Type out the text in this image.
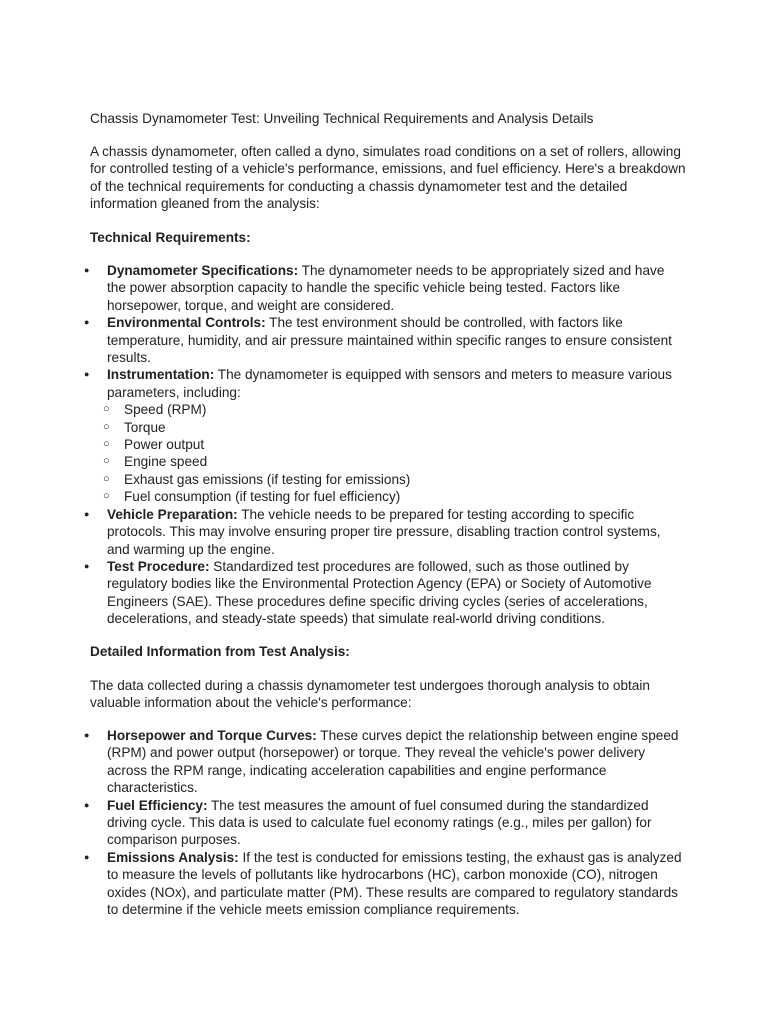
Chassis Dynamometer Test: Unveiling Technical Requirements and Analysis Details

A chassis dynamometer, often called a dyno, simulates road conditions on a set of rollers, allowing for controlled testing of a vehicle's performance, emissions, and fuel efficiency. Here's a breakdown of the technical requirements for conducting a chassis dynamometer test and the detailed information gleaned from the analysis:

Technical Requirements:

● Dynamometer Specifications: The dynamometer needs to be appropriately sized and have the power absorption capacity to handle the specific vehicle being tested. Factors like horsepower, torque, and weight are considered.
● Environmental Controls: The test environment should be controlled, with factors like temperature, humidity, and air pressure maintained within specific ranges to ensure consistent results.
● Instrumentation: The dynamometer is equipped with sensors and meters to measure various parameters, including:
○ Speed (RPM)
○ Torque
○ Power output
○ Engine speed
○ Exhaust gas emissions (if testing for emissions)
○ Fuel consumption (if testing for fuel efficiency)
● Vehicle Preparation: The vehicle needs to be prepared for testing according to specific protocols. This may involve ensuring proper tire pressure, disabling traction control systems, and warming up the engine.
● Test Procedure: Standardized test procedures are followed, such as those outlined by regulatory bodies like the Environmental Protection Agency (EPA) or Society of Automotive Engineers (SAE). These procedures define specific driving cycles (series of accelerations, decelerations, and steady-state speeds) that simulate real-world driving conditions.

Detailed Information from Test Analysis:

The data collected during a chassis dynamometer test undergoes thorough analysis to obtain valuable information about the vehicle's performance:

● Horsepower and Torque Curves: These curves depict the relationship between engine speed (RPM) and power output (horsepower) or torque. They reveal the vehicle's power delivery across the RPM range, indicating acceleration capabilities and engine performance characteristics.
● Fuel Efficiency: The test measures the amount of fuel consumed during the standardized driving cycle. This data is used to calculate fuel economy ratings (e.g., miles per gallon) for comparison purposes.
● Emissions Analysis: If the test is conducted for emissions testing, the exhaust gas is analyzed to measure the levels of pollutants like hydrocarbons (HC), carbon monoxide (CO), nitrogen oxides (NOx), and particulate matter (PM). These results are compared to regulatory standards to determine if the vehicle meets emission compliance requirements.
